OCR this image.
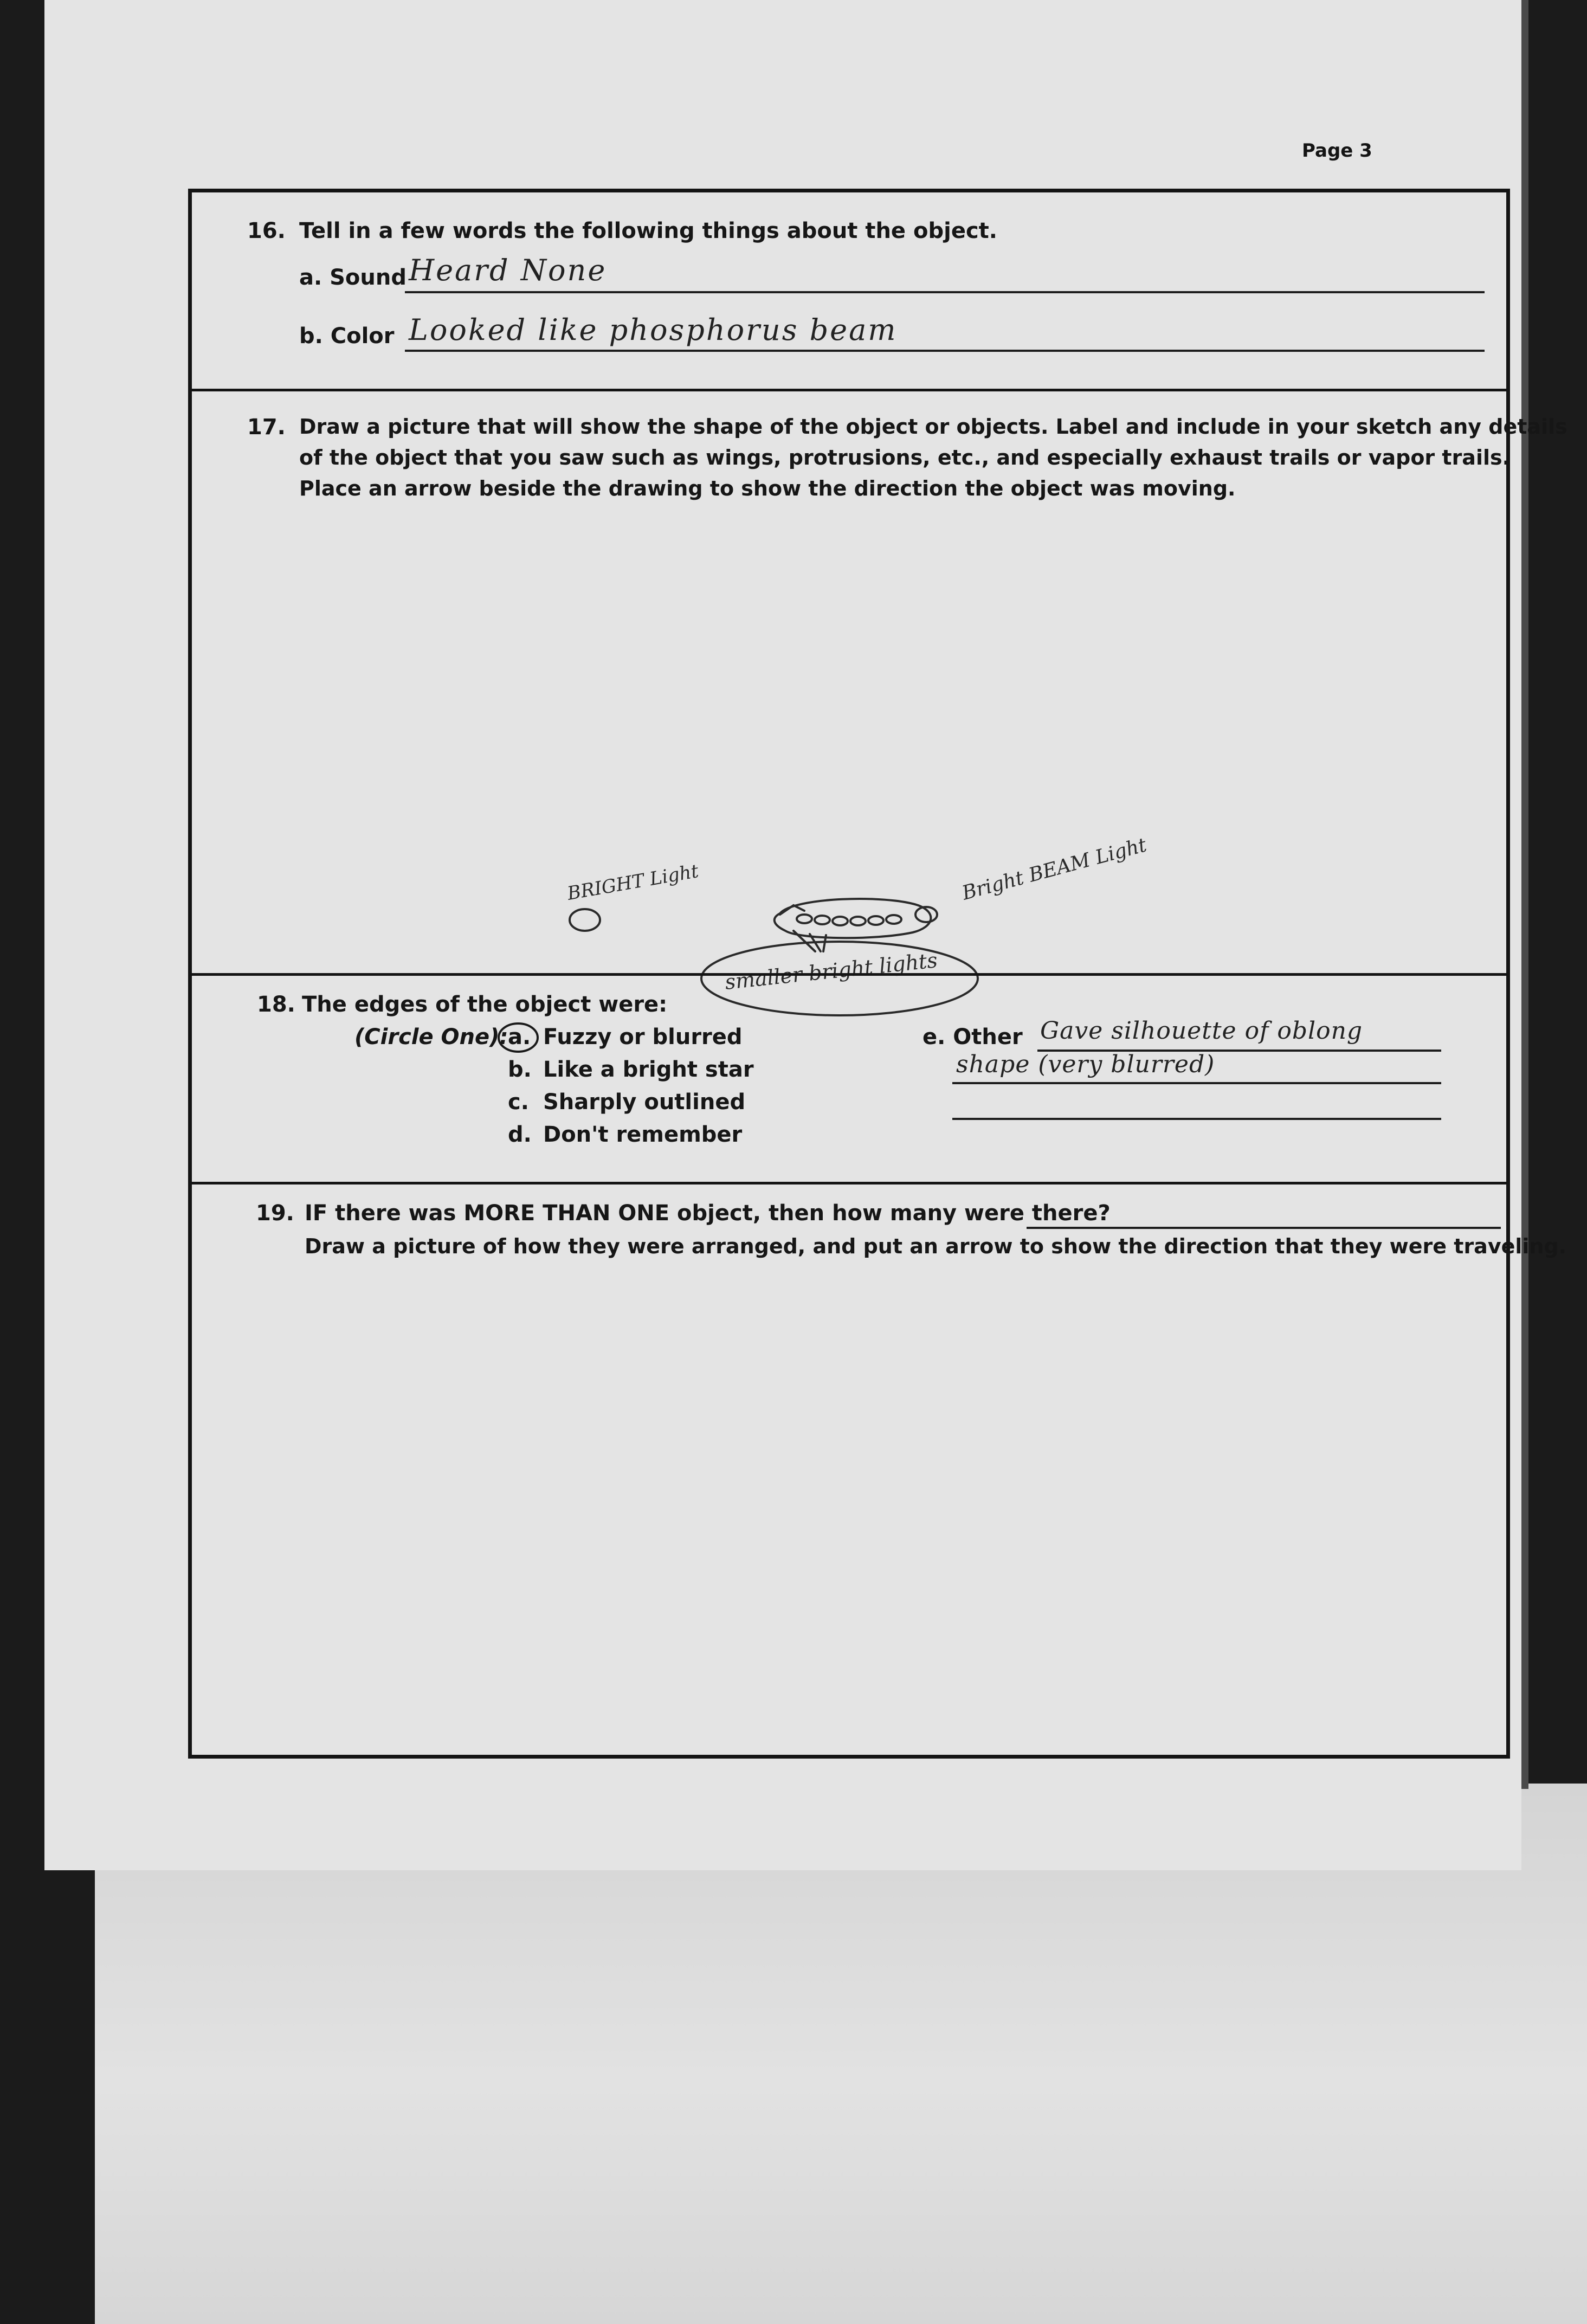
Page 3
16. Tell in a few words the following things about the object.
a. Sound Heard None
b. Color Looked like phosphorus beam
17. Draw a picture that will show the shape of the object or objects. Label and include in your sketch any details
of the object that you saw such as wings, protrusions, etc., and especially exhaust trails or vapor trails.
Place an arrow beside the drawing to show the direction the object was moving.
BRIGHT Light	Bright BEAM Light
smaller bright lights
18. The edges of the object were:
(Circle One): a. Fuzzy or blurred
b. Like a bright star
c. Sharply outlined
d. Don't remember
e. Other Gave silhouette of oblong
shape (very blurred)
19. IF there was MORE THAN ONE object, then how many were there?
Draw a picture of how they were arranged, and put an arrow to show the direction that they were traveling.
